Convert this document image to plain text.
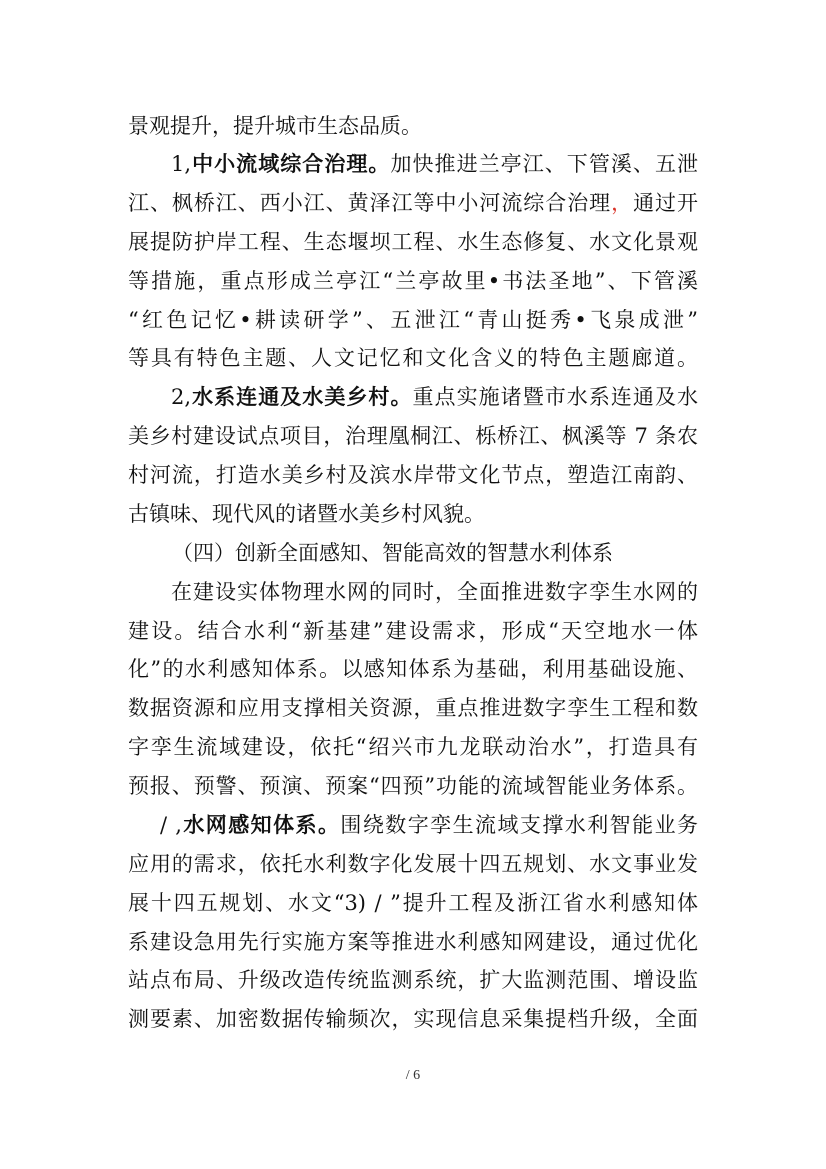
景观提升，提升城市生态品质。
1,中小流域综合治理。加快推进兰亭江、下管溪、五泄
江、枫桥江、西小江、黄泽江等中小河流综合治理，通过开
展提防护岸工程、生态堰坝工程、水生态修复、水文化景观
等措施，重点形成兰亭江“兰亭故里•书法圣地”、下管溪
“红色记忆•耕读研学”、五泄江“青山挺秀•飞泉成泄”
等具有特色主题、人文记忆和文化含义的特色主题廊道。
2,水系连通及水美乡村。重点实施诸暨市水系连通及水
美乡村建设试点项目，治理凰桐江、栎桥江、枫溪等 7 条农
村河流，打造水美乡村及滨水岸带文化节点，塑造江南韵、
古镇味、现代风的诸暨水美乡村风貌。
（四）创新全面感知、智能高效的智慧水利体系
在建设实体物理水网的同时，全面推进数字孪生水网的
建设。结合水利“新基建”建设需求，形成“天空地水一体
化”的水利感知体系。以感知体系为基础，利用基础设施、
数据资源和应用支撑相关资源，重点推进数字孪生工程和数
字孪生流域建设，依托“绍兴市九龙联动治水”，打造具有
预报、预警、预演、预案“四预”功能的流域智能业务体系。
/ ,水网感知体系。围绕数字孪生流域支撑水利智能业务
应用的需求，依托水利数字化发展十四五规划、水文事业发
展十四五规划、水文“3) / ”提升工程及浙江省水利感知体
系建设急用先行实施方案等推进水利感知网建设，通过优化
站点布局、升级改造传统监测系统，扩大监测范围、增设监
测要素、加密数据传输频次，实现信息采集提档升级，全面
/ 6
